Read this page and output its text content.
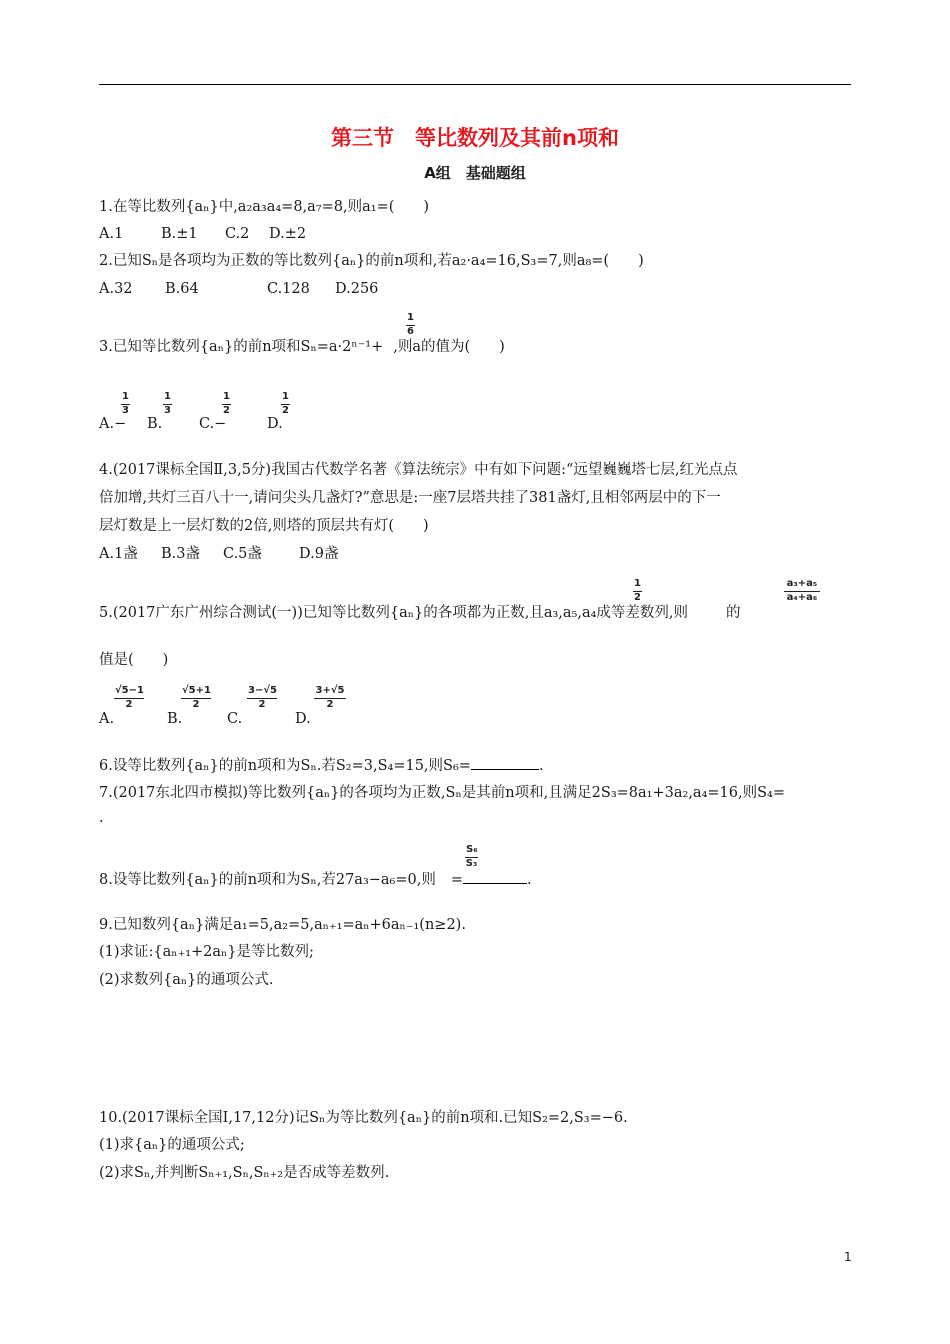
第三节　等比数列及其前n项和
A组　基础题组
1.在等比数列{aₙ}中,a₂a₃a₄=8,a₇=8,则a₁=(　　)
A.1	B.±1 C.2 D.±2
2.已知Sₙ是各项均为正数的等比数列{aₙ}的前n项和,若a₂·a₄=16,S₃=7,则a₈=(　　)
A.32 B.64	C.128 D.256
3.已知等比数列{aₙ}的前n项和Sₙ=a·2ⁿ⁻¹+ ,则a的值为(　　)
1
6
A.− B.	C.−	D.
1
3
1
3
1
2
1
2
4.(2017课标全国Ⅱ,3,5分)我国古代数学名著《算法统宗》中有如下问题:“远望巍巍塔七层,红光点点
倍加增,共灯三百八十一,请问尖头几盏灯?”意思是:一座7层塔共挂了381盏灯,且相邻两层中的下一
层灯数是上一层灯数的2倍,则塔的顶层共有灯(　　)
A.1盏 B.3盏 C.5盏	D.9盏
5.(2017广东广州综合测试(一))已知等比数列{aₙ}的各项都为正数,且a₃,a₅,a₄成等差数列,则	的
1
2
a₃+a₅
a₄+a₆
值是(　　)
A.	B.	C.	D.
√5−1
2
√5+1
2
3−√5
2
3+√5
2
6.设等比数列{aₙ}的前n项和为Sₙ.若S₂=3,S₄=15,则S₆=	.
7.(2017东北四市模拟)等比数列{aₙ}的各项均为正数,Sₙ是其前n项和,且满足2S₃=8a₁+3a₂,a₄=16,则S₄=
.
8.设等比数列{aₙ}的前n项和为Sₙ,若27a₃−a₆=0,则 =	.
S₆
S₃
9.已知数列{aₙ}满足a₁=5,a₂=5,aₙ₊₁=aₙ+6aₙ₋₁(n≥2).
(1)求证:{aₙ₊₁+2aₙ}是等比数列;
(2)求数列{aₙ}的通项公式.
10.(2017课标全国Ⅰ,17,12分)记Sₙ为等比数列{aₙ}的前n项和.已知S₂=2,S₃=−6.
(1)求{aₙ}的通项公式;
(2)求Sₙ,并判断Sₙ₊₁,Sₙ,Sₙ₊₂是否成等差数列.
1
